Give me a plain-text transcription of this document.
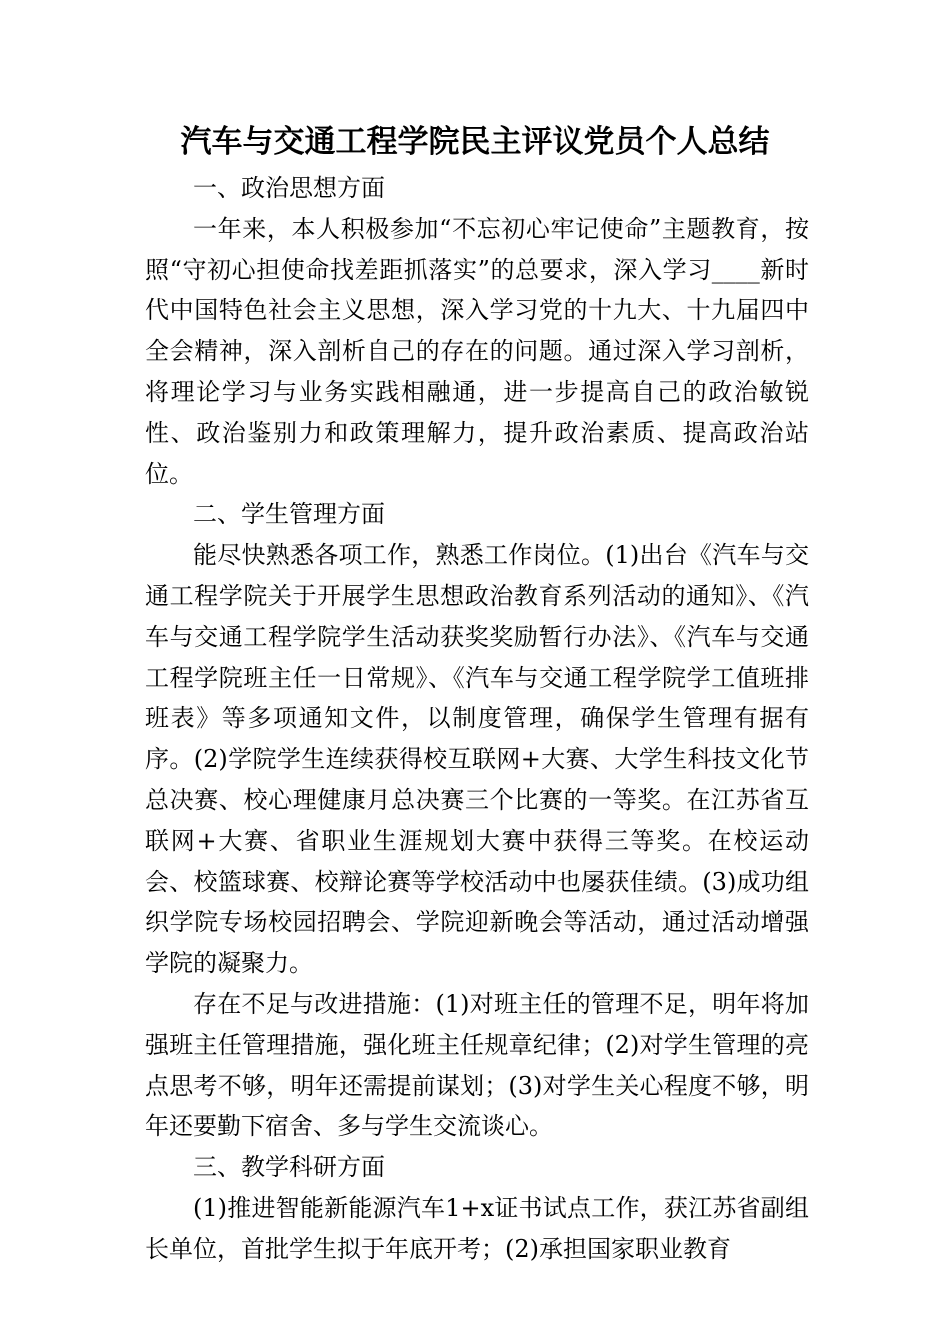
汽车与交通工程学院民主评议党员个人总结

一、政治思想方面

一年来，本人积极参加“不忘初心牢记使命”主题教育，按照“守初心担使命找差距抓落实”的总要求，深入学习____新时代中国特色社会主义思想，深入学习党的十九大、十九届四中全会精神，深入剖析自己的存在的问题。通过深入学习剖析，将理论学习与业务实践相融通，进一步提高自己的政治敏锐性、政治鉴别力和政策理解力，提升政治素质、提高政治站位。

二、学生管理方面

能尽快熟悉各项工作，熟悉工作岗位。(1)出台《汽车与交通工程学院关于开展学生思想政治教育系列活动的通知》、《汽车与交通工程学院学生活动获奖奖励暂行办法》、《汽车与交通工程学院班主任一日常规》、《汽车与交通工程学院学工值班排班表》等多项通知文件，以制度管理，确保学生管理有据有序。(2)学院学生连续获得校互联网+大赛、大学生科技文化节总决赛、校心理健康月总决赛三个比赛的一等奖。在江苏省互联网+大赛、省职业生涯规划大赛中获得三等奖。在校运动会、校篮球赛、校辩论赛等学校活动中也屡获佳绩。(3)成功组织学院专场校园招聘会、学院迎新晚会等活动，通过活动增强学院的凝聚力。

存在不足与改进措施：(1)对班主任的管理不足，明年将加强班主任管理措施，强化班主任规章纪律；(2)对学生管理的亮点思考不够，明年还需提前谋划；(3)对学生关心程度不够，明年还要勤下宿舍、多与学生交流谈心。

三、教学科研方面

(1)推进智能新能源汽车1+x证书试点工作，获江苏省副组长单位，首批学生拟于年底开考；(2)承担国家职业教育
